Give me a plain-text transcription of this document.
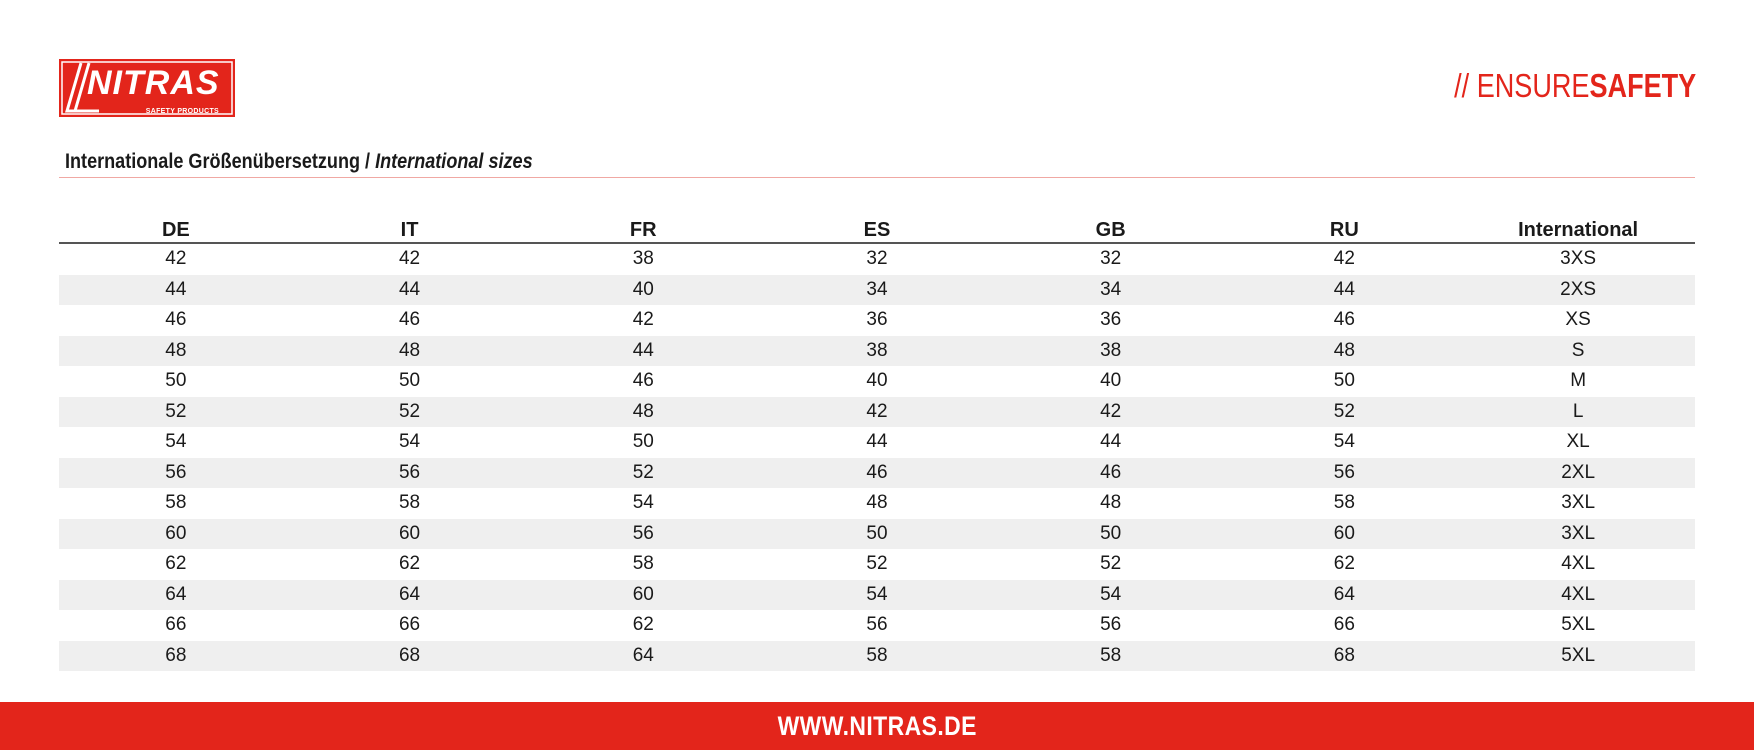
NITRAS
SAFETY PRODUCTS
// ENSURESAFETY
Internationale Größenübersetzung / International sizes
DE	IT	FR	ES	GB	RU	International
42	42	38	32	32	42	3XS
44	44	40	34	34	44	2XS
46	46	42	36	36	46	XS
48	48	44	38	38	48	S
50	50	46	40	40	50	M
52	52	48	42	42	52	L
54	54	50	44	44	54	XL
56	56	52	46	46	56	2XL
58	58	54	48	48	58	3XL
60	60	56	50	50	60	3XL
62	62	58	52	52	62	4XL
64	64	60	54	54	64	4XL
66	66	62	56	56	66	5XL
68	68	64	58	58	68	5XL
WWW.NITRAS.DE
